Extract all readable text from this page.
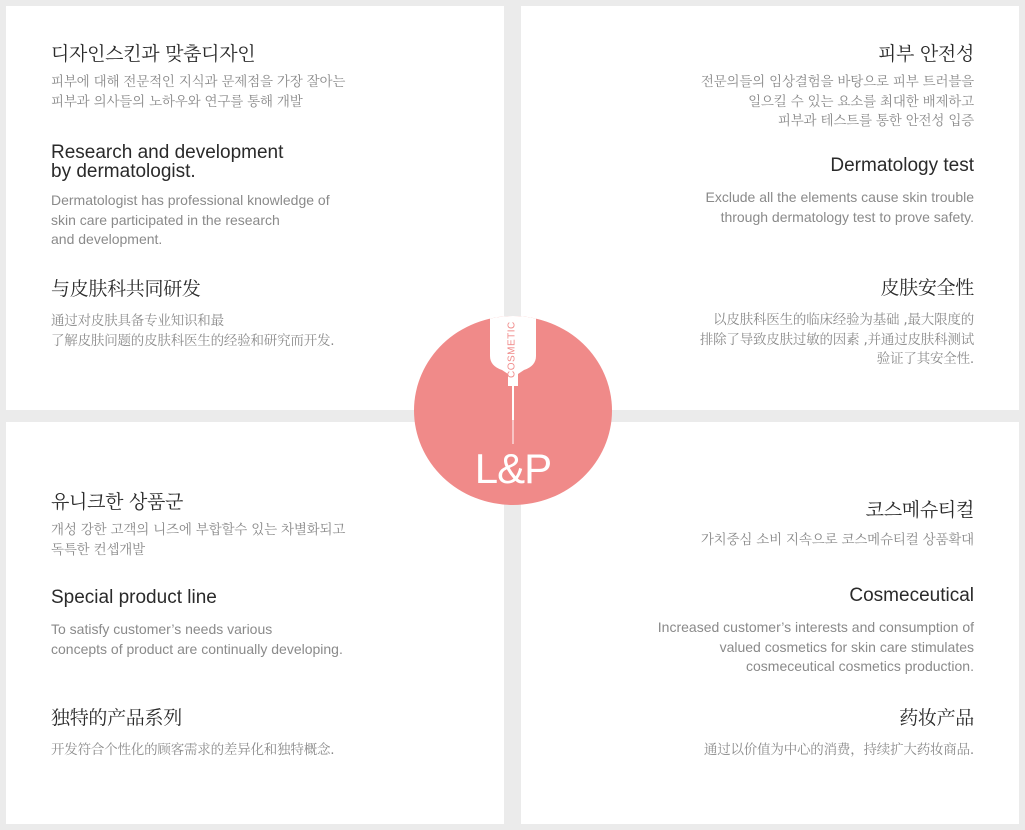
디자인스킨과 맞춤디자인
피부에 대해 전문적인 지식과 문제점을 가장 잘아는
피부과 의사들의 노하우와 연구를 통해 개발
Research and development
by dermatologist.
Dermatologist has professional knowledge of
skin care participated in the research
and development.
与皮肤科共同研发
通过对皮肤具备专业知识和最
了解皮肤问题的皮肤科医生的经验和研究而开发.
피부 안전성
전문의들의 임상결험을 바탕으로 피부 트러블을
일으킬 수 있는 요소를 최대한 배제하고
피부과 테스트를 통한 안전성 입증
Dermatology test
Exclude all the elements cause skin trouble
through dermatology test to prove safety.
皮肤安全性
以皮肤科医生的临床经验为基础 ,最大限度的
排除了导致皮肤过敏的因素 ,并通过皮肤科测试
验证了其安全性.
유니크한 상품군
개성 강한 고객의 니즈에 부합할수 있는 차별화되고
독특한 컨셉개발
Special product line
To satisfy customer’s needs various
concepts of product are continually developing.
独特的产品系列
开发符合个性化的顾客需求的差异化和独特概念.
코스메슈티컬
가치중심 소비 지속으로 코스메슈티컬 상품확대
Cosmeceutical
Increased customer’s interests and consumption of
valued cosmetics for skin care stimulates
cosmeceutical cosmetics production.
药妆产品
通过以价值为中心的消费，持续扩大药妆商品.
COSMETIC
L&P
